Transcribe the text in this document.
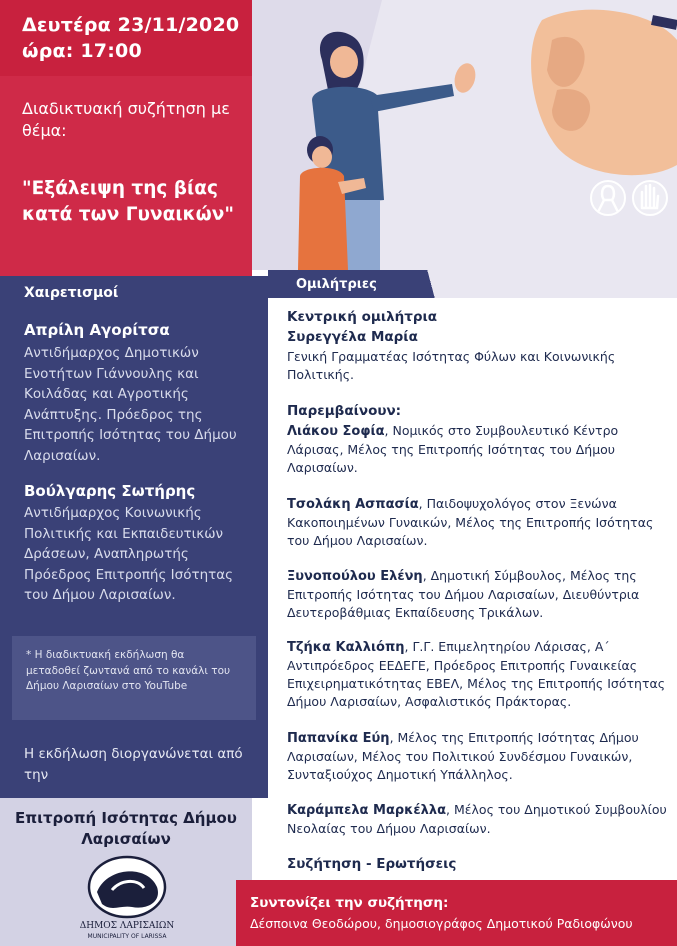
Δευτέρα 23/11/2020
ώρα: 17:00
Διαδικτυακή συζήτηση με θέμα:
"Εξάλειψη της βίας κατά των Γυναικών"
Χαιρετισμοί
Απρίλη Αγορίτσα
Αντιδήμαρχος Δημοτικών Ενοτήτων Γιάννουλης και Κοιλάδας και Αγροτικής Ανάπτυξης. Πρόεδρος της Επιτροπής Ισότητας του Δήμου Λαρισαίων.
Βούλγαρης Σωτήρης
Αντιδήμαρχος Κοινωνικής Πολιτικής και Εκπαιδευτικών Δράσεων, Αναπληρωτής Πρόεδρος Επιτροπής Ισότητας του Δήμου Λαρισαίων.
* Η διαδικτυακή εκδήλωση θα μεταδοθεί ζωντανά από το κανάλι του Δήμου Λαρισαίων στο YouTube
Η εκδήλωση διοργανώνεται από την
Επιτροπή Ισότητας Δήμου Λαρισαίων
ΔΗΜΟΣ ΛΑΡΙΣΑΙΩΝ
MUNICIPALITY OF LARISSA
Ομιλήτριες
Κεντρική ομιλήτρια
Συρεγγέλα Μαρία
Γενική Γραμματέας Ισότητας Φύλων και Κοινωνικής Πολιτικής.
Παρεμβαίνουν:
Λιάκου Σοφία, Νομικός στο Συμβουλευτικό Κέντρο Λάρισας, Μέλος της Επιτροπής Ισότητας του Δήμου Λαρισαίων.
Τσολάκη Ασπασία, Παιδοψυχολόγος στον Ξενώνα Κακοποιημένων Γυναικών, Μέλος της Επιτροπής Ισότητας του Δήμου Λαρισαίων.
Ξυνοπούλου Ελένη, Δημοτική Σύμβουλος, Μέλος της Επιτροπής Ισότητας του Δήμου Λαρισαίων, Διευθύντρια Δευτεροβάθμιας Εκπαίδευσης Τρικάλων.
Τζήκα Καλλιόπη, Γ.Γ. Επιμελητηρίου Λάρισας, Α΄ Αντιπρόεδρος ΕΕΔΕΓΕ, Πρόεδρος Επιτροπής Γυναικείας Επιχειρηματικότητας ΕΒΕΛ, Μέλος της Επιτροπής Ισότητας Δήμου Λαρισαίων, Ασφαλιστικός Πράκτορας.
Παπανίκα Εύη, Μέλος της Επιτροπής Ισότητας Δήμου Λαρισαίων, Μέλος του Πολιτικού Συνδέσμου Γυναικών, Συνταξιούχος Δημοτική Υπάλληλος.
Καράμπελα Μαρκέλλα, Μέλος του Δημοτικού Συμβουλίου Νεολαίας του Δήμου Λαρισαίων.
Συζήτηση - Ερωτήσεις
Συντονίζει την συζήτηση:
Δέσποινα Θεοδώρου, δημοσιογράφος Δημοτικού Ραδιοφώνου
